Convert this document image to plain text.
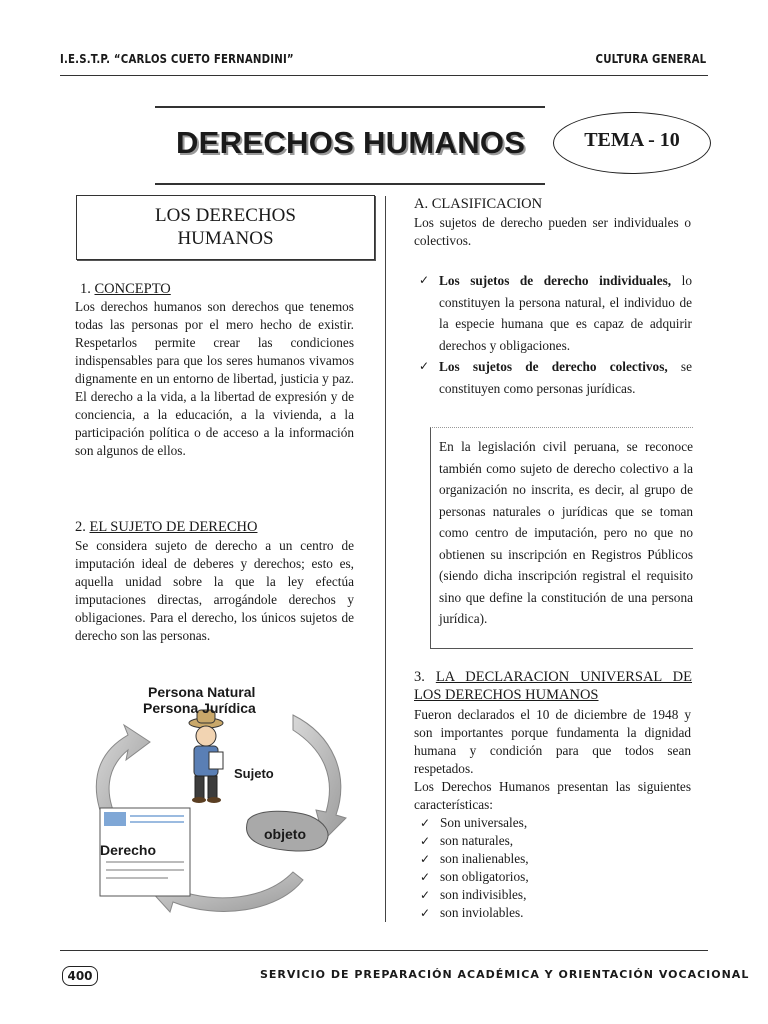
I.E.S.T.P. “CARLOS CUETO FERNANDINI”	CULTURA GENERAL
DERECHOS HUMANOS	TEMA - 10
LOS DERECHOS HUMANOS
1. CONCEPTO
Los derechos humanos son derechos que tenemos todas las personas por el mero hecho de existir. Respetarlos permite crear las condiciones indispensables para que los seres humanos vivamos dignamente en un entorno de libertad, justicia y paz. El derecho a la vida, a la libertad de expresión y de conciencia, a la educación, a la vivienda, a la participación política o de acceso a la información son algunos de ellos.
2. EL SUJETO DE DERECHO
Se considera sujeto de derecho a un centro de imputación ideal de deberes y derechos; esto es, aquella unidad sobre la que la ley efectúa imputaciones directas, arrogándole derechos y obligaciones. Para el derecho, los únicos sujetos de derecho son las personas.
Persona Natural
Persona Jurídica
Sujeto
objeto
Derecho
A. CLASIFICACION
Los sujetos de derecho pueden ser individuales o colectivos.
✓ Los sujetos de derecho individuales, lo constituyen la persona natural, el individuo de la especie humana que es capaz de adquirir derechos y obligaciones.
✓ Los sujetos de derecho colectivos, se constituyen como personas jurídicas.
En la legislación civil peruana, se reconoce también como sujeto de derecho colectivo a la organización no inscrita, es decir, al grupo de personas naturales o jurídicas que se toman como centro de imputación, pero no que no obtienen su inscripción en Registros Públicos (siendo dicha inscripción registral el requisito sino que define la constitución de una persona jurídica).
3. LA DECLARACION UNIVERSAL DE LOS DERECHOS HUMANOS
Fueron declarados el 10 de diciembre de 1948 y son importantes porque fundamenta la dignidad humana y condición para que todos sean respetados.
Los Derechos Humanos presentan las siguientes características:
✓ Son universales,
✓ son naturales,
✓ son inalienables,
✓ son obligatorios,
✓ son indivisibles,
✓ son inviolables.
400	SERVICIO DE PREPARACIÓN ACADÉMICA Y ORIENTACIÓN VOCACIONAL
